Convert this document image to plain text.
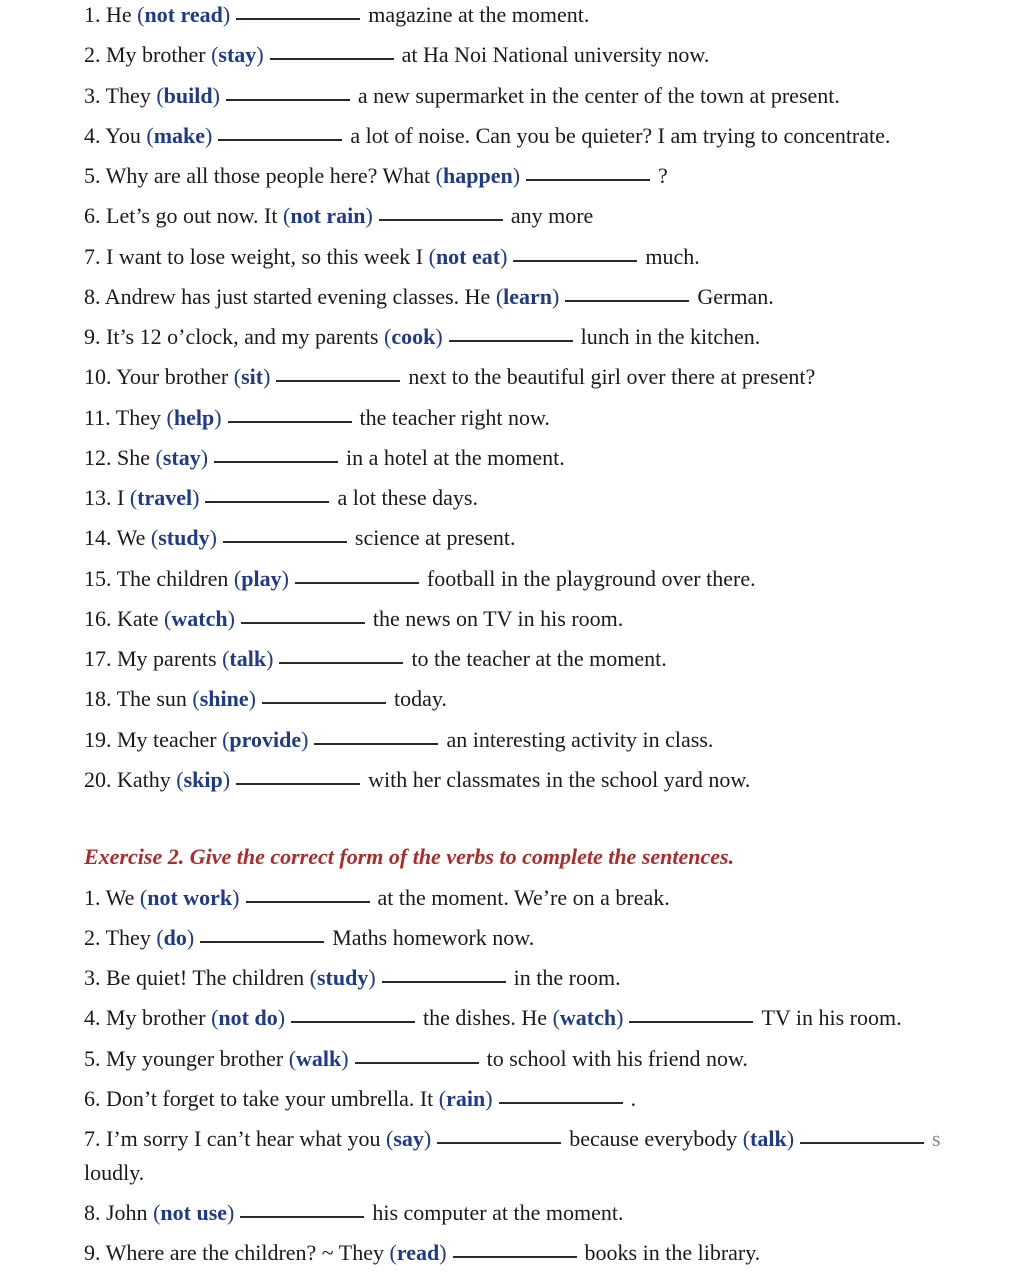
1. He (not read)	magazine at the moment.
2. My brother (stay)	at Ha Noi National university now.
3. They (build)	a new supermarket in the center of the town at present.
4. You (make)	a lot of noise. Can you be quieter? I am trying to concentrate.
5. Why are all those people here? What (happen)	?
6. Let’s go out now. It (not rain)	any more
7. I want to lose weight, so this week I (not eat)	much.
8. Andrew has just started evening classes. He (learn)	German.
9. It’s 12 o’clock, and my parents (cook)	lunch in the kitchen.
10. Your brother (sit)	next to the beautiful girl over there at present?
11. They (help)	the teacher right now.
12. She (stay)	in a hotel at the moment.
13. I (travel)	a lot these days.
14. We (study)	science at present.
15. The children (play)	football in the playground over there.
16. Kate (watch)	the news on TV in his room.
17. My parents (talk)	to the teacher at the moment.
18. The sun (shine)	today.
19. My teacher (provide)	an interesting activity in class.
20. Kathy (skip)	with her classmates in the school yard now.
Exercise 2. Give the correct form of the verbs to complete the sentences.
1. We (not work)	at the moment. We’re on a break.
2. They (do)	Maths homework now.
3. Be quiet! The children (study)	in the room.
4. My brother (not do)	the dishes. He (watch)	TV in his room.
5. My younger brother (walk)	to school with his friend now.
6. Don’t forget to take your umbrella. It (rain)	.
7. I’m sorry I can’t hear what you (say)	because everybody (talk)	s
loudly.
8. John (not use)	his computer at the moment.
9. Where are the children? ~ They (read)	books in the library.
